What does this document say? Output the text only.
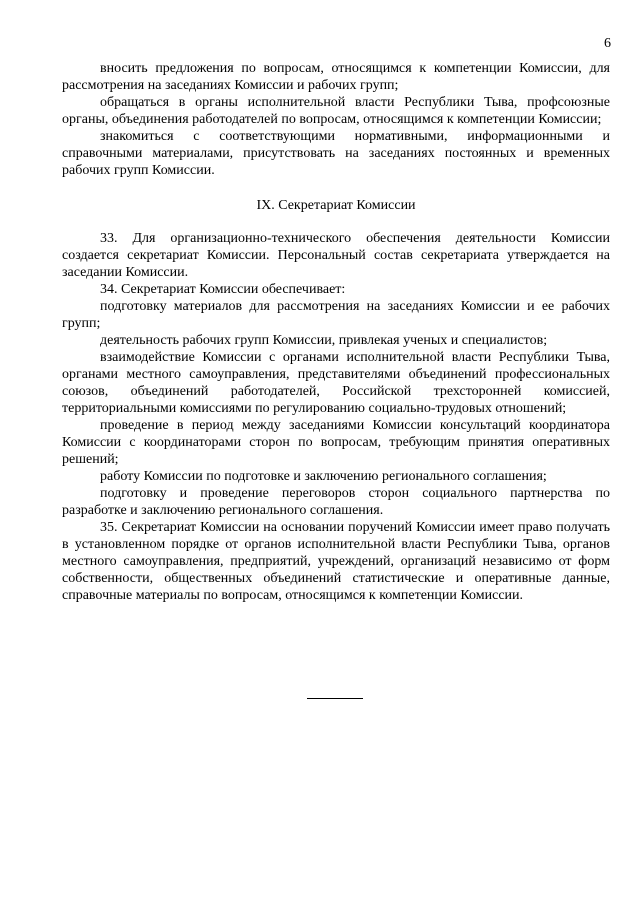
6

вносить предложения по вопросам, относящимся к компетенции Комиссии, для рассмотрения на заседаниях Комиссии и рабочих групп;

обращаться в органы исполнительной власти Республики Тыва, профсоюзные органы, объединения работодателей по вопросам, относящимся к компетенции Комиссии;

знакомиться с соответствующими нормативными, информационными и справочными материалами, присутствовать на заседаниях постоянных и временных рабочих групп Комиссии.

IX. Секретариат Комиссии

33. Для организационно-технического обеспечения деятельности Комиссии создается секретариат Комиссии. Персональный состав секретариата утверждается на заседании Комиссии.

34. Секретариат Комиссии обеспечивает:

подготовку материалов для рассмотрения на заседаниях Комиссии и ее рабочих групп;

деятельность рабочих групп Комиссии, привлекая ученых и специалистов;

взаимодействие Комиссии с органами исполнительной власти Республики Тыва, органами местного самоуправления, представителями объединений профессиональных союзов, объединений работодателей, Российской трехсторонней комиссией, территориальными комиссиями по регулированию социально-трудовых отношений;

проведение в период между заседаниями Комиссии консультаций координатора Комиссии с координаторами сторон по вопросам, требующим принятия оперативных решений;

работу Комиссии по подготовке и заключению регионального соглашения;

подготовку и проведение переговоров сторон социального партнерства по разработке и заключению регионального соглашения.

35. Секретариат Комиссии на основании поручений Комиссии имеет право получать в установленном порядке от органов исполнительной власти Республики Тыва, органов местного самоуправления, предприятий, учреждений, организаций независимо от форм собственности, общественных объединений статистические и оперативные данные, справочные материалы по вопросам, относящимся к компетенции Комиссии.
